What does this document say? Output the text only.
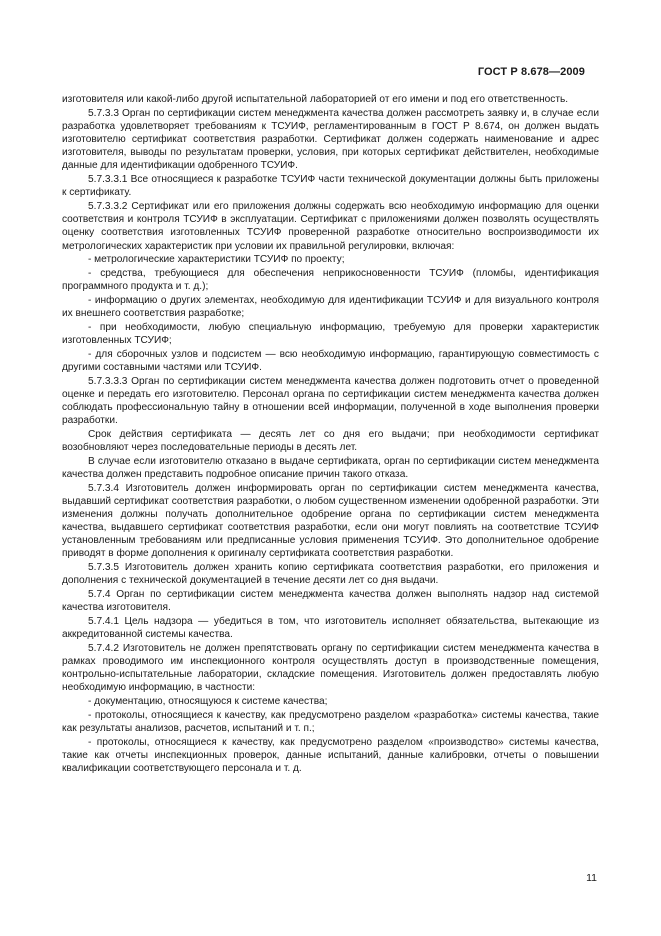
ГОСТ Р 8.678—2009

изготовителя или какой-либо другой испытательной лабораторией от его имени и под его ответственность.

5.7.3.3 Орган по сертификации систем менеджмента качества должен рассмотреть заявку и, в случае если разработка удовлетворяет требованиям к ТСУИФ, регламентированным в ГОСТ Р 8.674, он должен выдать изготовителю сертификат соответствия разработки. Сертификат должен содержать наименование и адрес изготовителя, выводы по результатам проверки, условия, при которых сертификат действителен, необходимые данные для идентификации одобренного ТСУИФ.

5.7.3.3.1 Все относящиеся к разработке ТСУИФ части технической документации должны быть приложены к сертификату.

5.7.3.3.2 Сертификат или его приложения должны содержать всю необходимую информацию для оценки соответствия и контроля ТСУИФ в эксплуатации. Сертификат с приложениями должен позволять осуществлять оценку соответствия изготовленных ТСУИФ проверенной разработке относительно воспроизводимости их метрологических характеристик при условии их правильной регулировки, включая:

- метрологические характеристики ТСУИФ по проекту;

- средства, требующиеся для обеспечения неприкосновенности ТСУИФ (пломбы, идентификация программного продукта и т. д.);

- информацию о других элементах, необходимую для идентификации ТСУИФ и для визуального контроля их внешнего соответствия разработке;

- при необходимости, любую специальную информацию, требуемую для проверки характеристик изготовленных ТСУИФ;

- для сборочных узлов и подсистем — всю необходимую информацию, гарантирующую совместимость с другими составными частями или ТСУИФ.

5.7.3.3.3 Орган по сертификации систем менеджмента качества должен подготовить отчет о проведенной оценке и передать его изготовителю. Персонал органа по сертификации систем менеджмента качества должен соблюдать профессиональную тайну в отношении всей информации, полученной в ходе выполнения проверки разработки.

Срок действия сертификата — десять лет со дня его выдачи; при необходимости сертификат возобновляют через последовательные периоды в десять лет.

В случае если изготовителю отказано в выдаче сертификата, орган по сертификации систем менеджмента качества должен представить подробное описание причин такого отказа.

5.7.3.4 Изготовитель должен информировать орган по сертификации систем менеджмента качества, выдавший сертификат соответствия разработки, о любом существенном изменении одобренной разработки. Эти изменения должны получать дополнительное одобрение органа по сертификации систем менеджмента качества, выдавшего сертификат соответствия разработки, если они могут повлиять на соответствие ТСУИФ установленным требованиям или предписанные условия применения ТСУИФ. Это дополнительное одобрение приводят в форме дополнения к оригиналу сертификата соответствия разработки.

5.7.3.5 Изготовитель должен хранить копию сертификата соответствия разработки, его приложения и дополнения с технической документацией в течение десяти лет со дня выдачи.

5.7.4 Орган по сертификации систем менеджмента качества должен выполнять надзор над системой качества изготовителя.

5.7.4.1 Цель надзора — убедиться в том, что изготовитель исполняет обязательства, вытекающие из аккредитованной системы качества.

5.7.4.2 Изготовитель не должен препятствовать органу по сертификации систем менеджмента качества в рамках проводимого им инспекционного контроля осуществлять доступ в производственные помещения, контрольно-испытательные лаборатории, складские помещения. Изготовитель должен предоставлять любую необходимую информацию, в частности:

- документацию, относящуюся к системе качества;

- протоколы, относящиеся к качеству, как предусмотрено разделом «разработка» системы качества, такие как результаты анализов, расчетов, испытаний и т. п.;

- протоколы, относящиеся к качеству, как предусмотрено разделом «производство» системы качества, такие как отчеты инспекционных проверок, данные испытаний, данные калибровки, отчеты о повышении квалификации соответствующего персонала и т. д.

11
